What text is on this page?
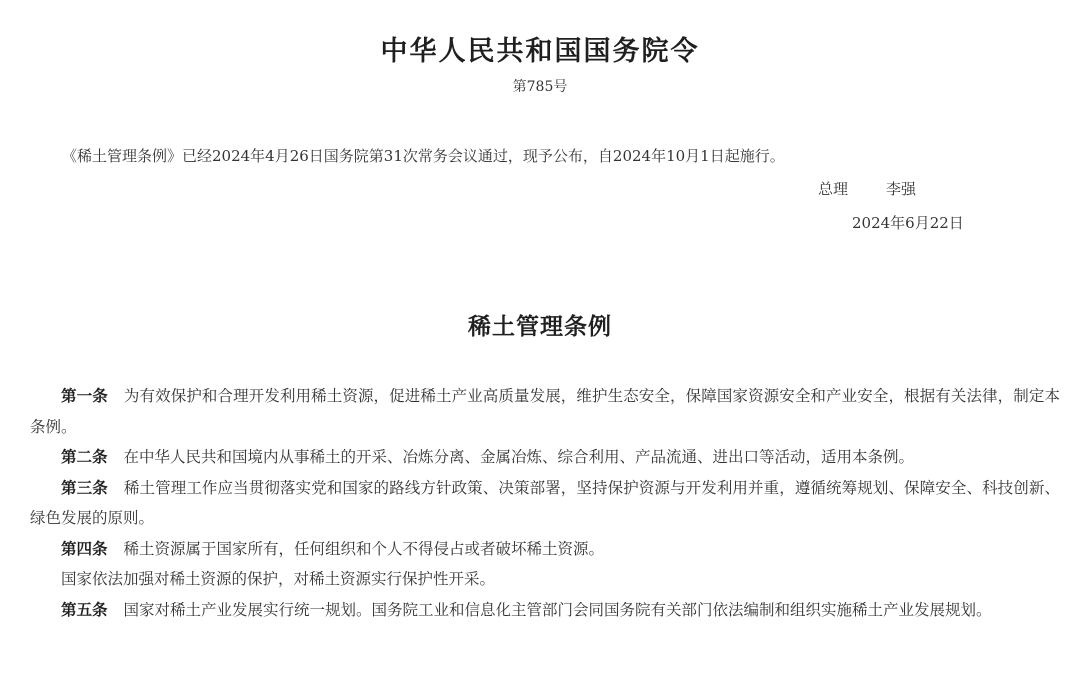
中华人民共和国国务院令
第785号
《稀土管理条例》已经2024年4月26日国务院第31次常务会议通过，现予公布，自2024年10月1日起施行。
总理	李强
2024年6月22日
稀土管理条例

第一条 为有效保护和合理开发利用稀土资源，促进稀土产业高质量发展，维护生态安全，保障国家资源安全和产业安全，根据有关法律，制定本条例。

第二条 在中华人民共和国境内从事稀土的开采、冶炼分离、金属冶炼、综合利用、产品流通、进出口等活动，适用本条例。

第三条 稀土管理工作应当贯彻落实党和国家的路线方针政策、决策部署，坚持保护资源与开发利用并重，遵循统筹规划、保障安全、科技创新、绿色发展的原则。

第四条 稀土资源属于国家所有，任何组织和个人不得侵占或者破坏稀土资源。

国家依法加强对稀土资源的保护，对稀土资源实行保护性开采。

第五条 国家对稀土产业发展实行统一规划。国务院工业和信息化主管部门会同国务院有关部门依法编制和组织实施稀土产业发展规划。
